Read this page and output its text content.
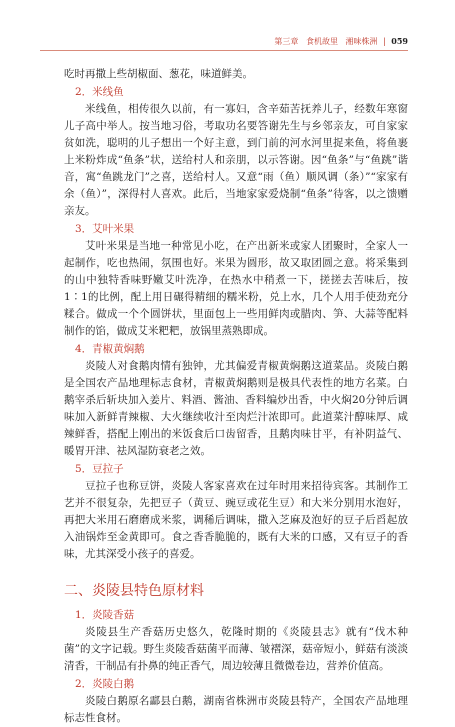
第三章 食机故里 湘味株洲 | 059

吃时再撒上些胡椒面、葱花，味道鲜美。

2．米线鱼

米线鱼，相传很久以前，有一寡妇，含辛茹苦抚养儿子，经数年寒窗儿子高中举人。按当地习俗，考取功名要答谢先生与乡邻亲友，可自家家贫如洗，聪明的儿子想出一个好主意，到门前的河水河里捉来鱼，将鱼裹上米粉炸成“鱼条”状，送给村人和亲朋，以示答谢。因“鱼条”与“鱼跳”谐音，寓“鱼跳龙门”之喜，送给村人。又意“雨（鱼）顺风调（条）”“家家有余（鱼）”，深得村人喜欢。此后，当地家家爱烧制“鱼条”待客，以之馈赠亲友。

3．艾叶米果

艾叶米果是当地一种常见小吃，在产出新米或家人团聚时，全家人一起制作，吃也热闹，氛围也好。米果为圆形，故又取团圆之意。将采集到的山中独特香味野嫩艾叶洗净，在热水中稍煮一下，搓搓去苦味后，按1∶1的比例，配上用日碾得精细的糯米粉，兑上水，几个人用手使劲充分糅合。做成一个个圆饼状，里面包上一些用鲜肉或腊肉、笋、大蒜等配料制作的馅，做成艾米粑粑，放锅里蒸熟即成。

4．青椒黄焖鹅

炎陵人对食鹅肉情有独钟，尤其偏爱青椒黄焖鹅这道菜品。炎陵白鹅是全国农产品地理标志食材，青椒黄焖鹅则是极具代表性的地方名菜。白鹅宰杀后斩块加入姜片、料酒、酱油、香料编炒出香，中火焖20分钟后调味加入新鲜青辣椒、大火继续收汁至肉烂汁浓即可。此道菜汁醇味厚、咸辣鲜香，搭配上刚出的米饭食后口齿留香，且鹅肉味甘平，有补阴益气、暖胃开津、祛风湿防衰老之效。

5．豆拉子

豆拉子也称豆饼，炎陵人客家喜欢在过年时用来招待宾客。其制作工艺并不很复杂，先把豆子（黄豆、豌豆或花生豆）和大米分别用水泡好，再把大米用石磨磨成米浆，调稀后调味，撒入芝麻及泡好的豆子后舀起放入油锅炸至金黄即可。食之香香脆脆的，既有大米的口感，又有豆子的香味，尤其深受小孩子的喜爱。

二、炎陵县特色原材料
1．炎陵香菇

炎陵县生产香菇历史悠久，乾隆时期的《炎陵县志》就有“伐木种菌”的文字记载。野生炎陵香菇菌平而薄、皱褶深，菇帝短小，鲜菇有淡淡清香，干制品有扑鼻的纯正香气，周边较薄且微微卷边，营养价值高。

2．炎陵白鹅

炎陵白鹅原名酃县白鹅，湖南省株洲市炎陵县特产，全国农产品地理标志性食材。
